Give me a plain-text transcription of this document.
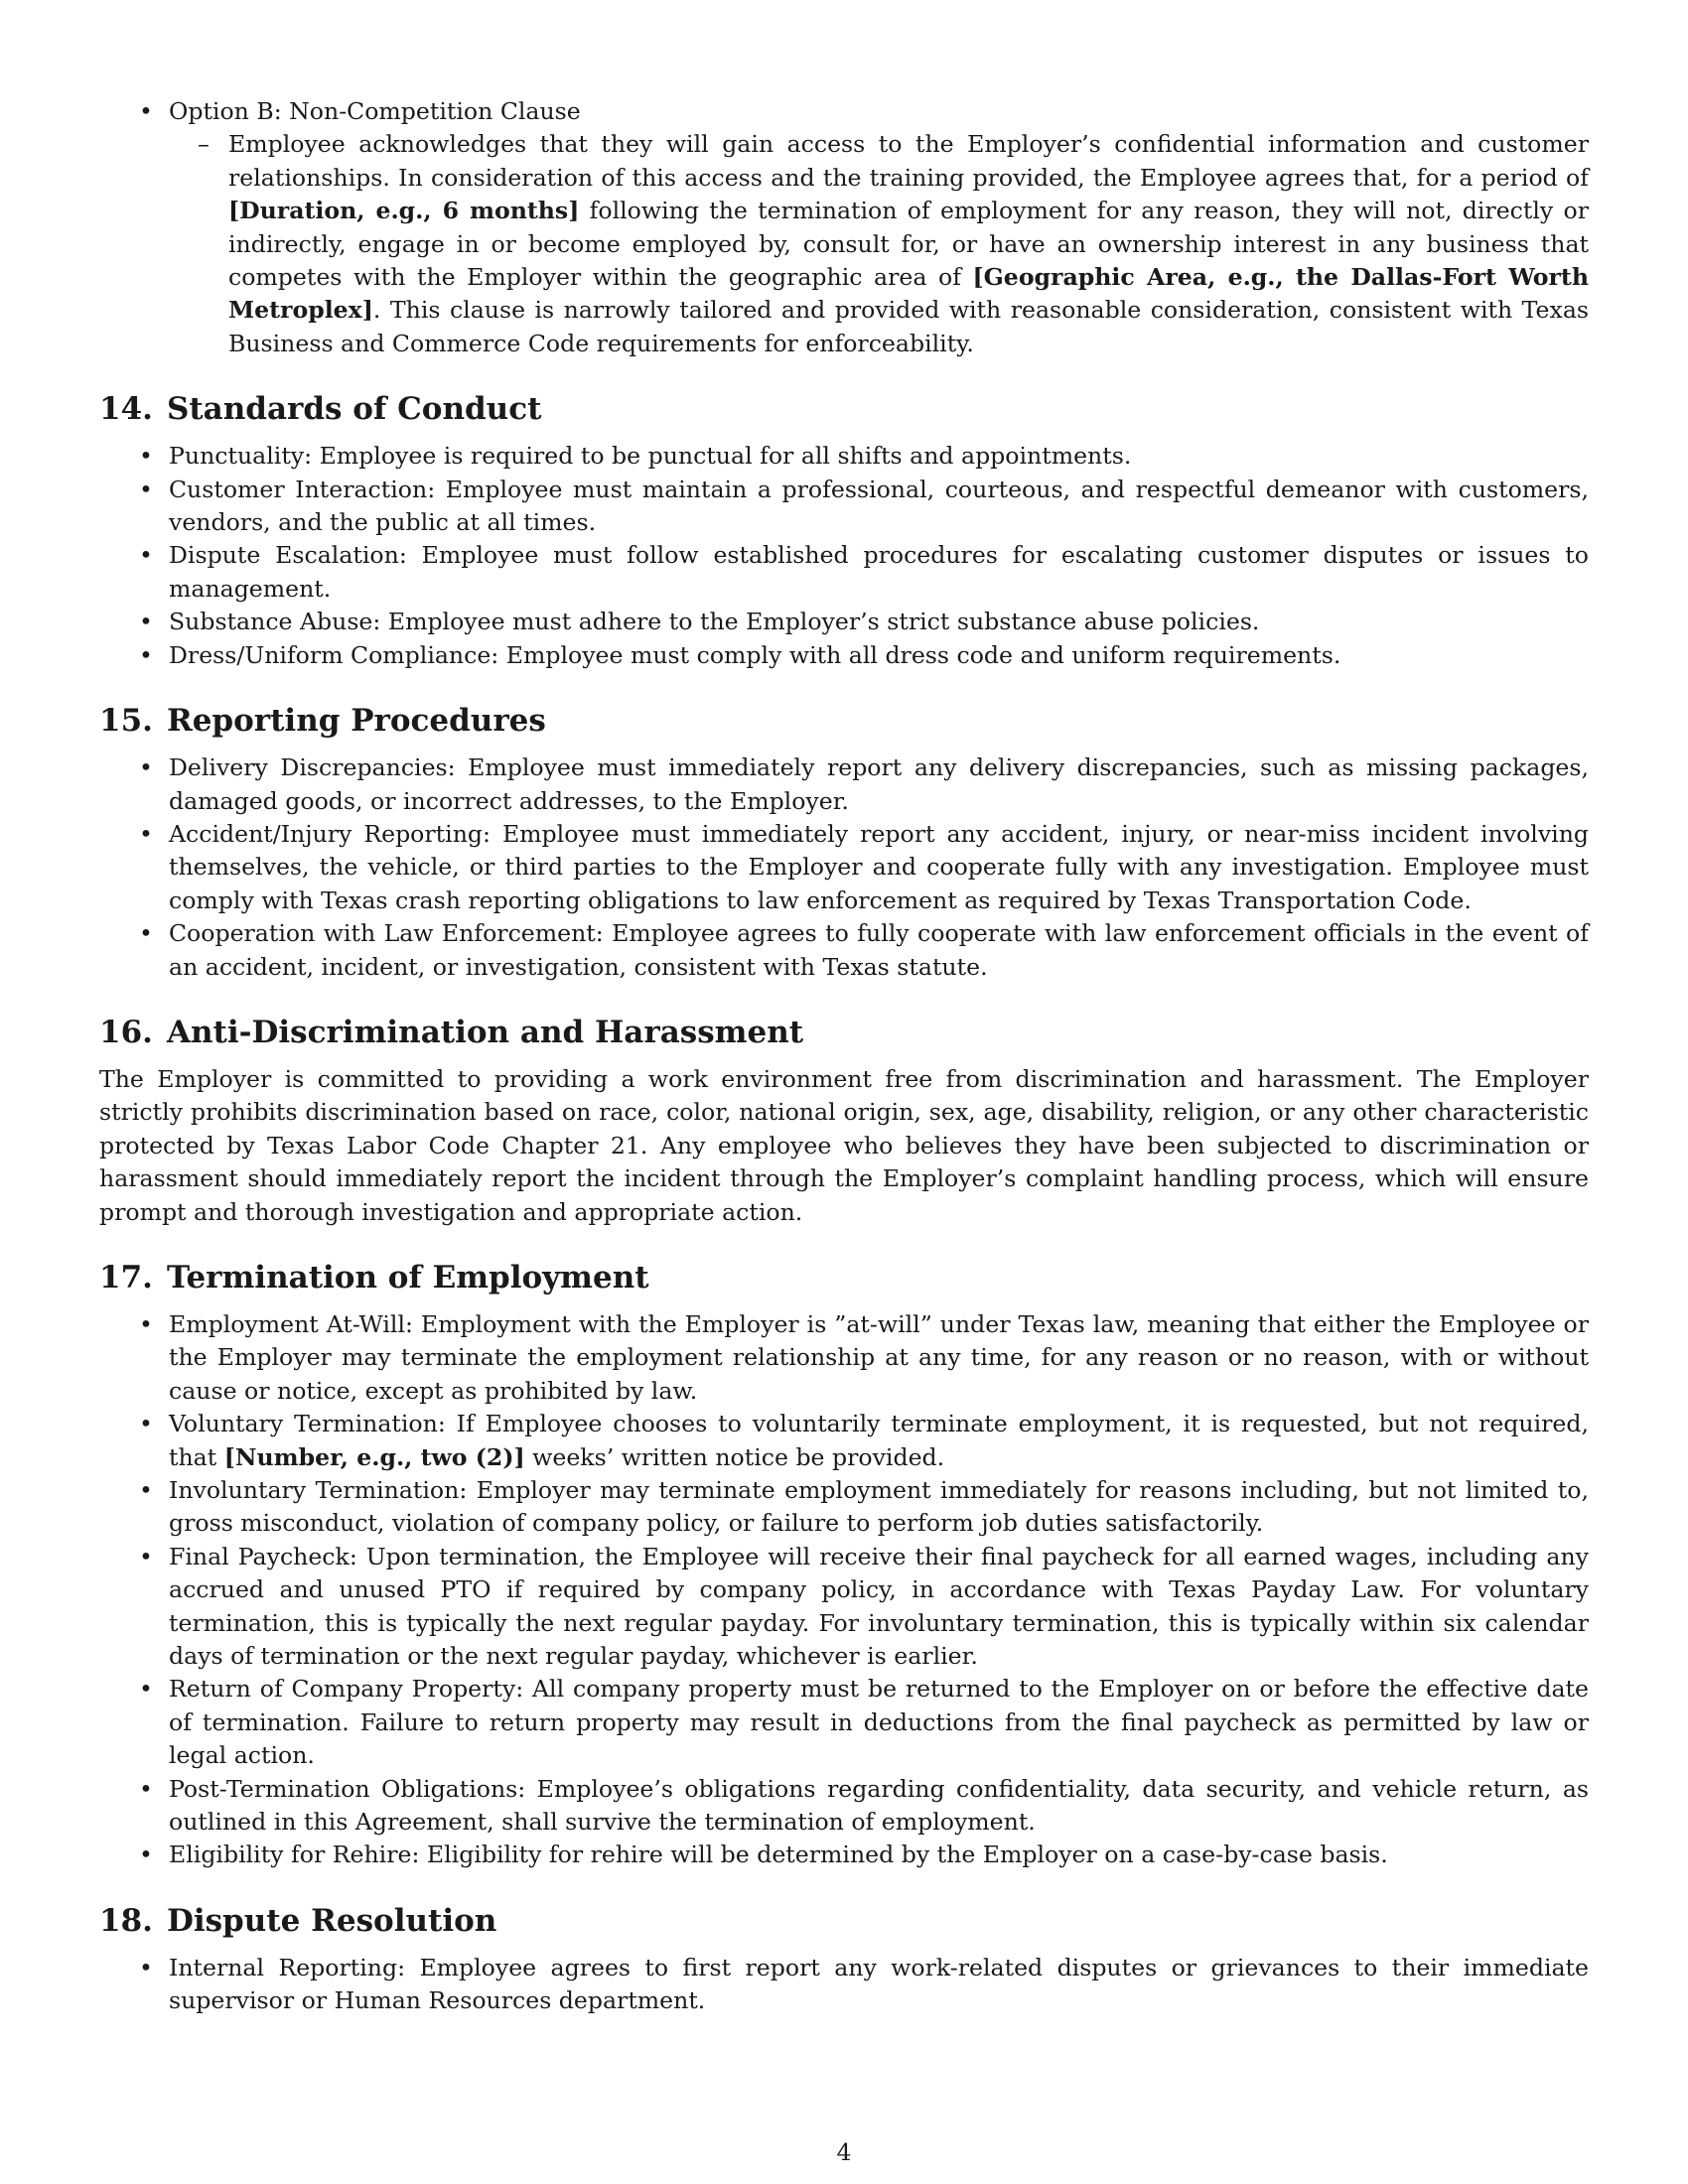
• Option B: Non-Competition Clause
– Employee acknowledges that they will gain access to the Employer’s confidential information and customer relationships. In consideration of this access and the training provided, the Employee agrees that, for a period of [Duration, e.g., 6 months] following the termination of employment for any reason, they will not, directly or indirectly, engage in or become employed by, consult for, or have an ownership interest in any business that competes with the Employer within the geographic area of [Geographic Area, e.g., the Dallas-Fort Worth Metroplex]. This clause is narrowly tailored and provided with reasonable consideration, consistent with Texas Business and Commerce Code requirements for enforceability.
14. Standards of Conduct
• Punctuality: Employee is required to be punctual for all shifts and appointments.
• Customer Interaction: Employee must maintain a professional, courteous, and respectful demeanor with customers, vendors, and the public at all times.
• Dispute Escalation: Employee must follow established procedures for escalating customer disputes or issues to management.
• Substance Abuse: Employee must adhere to the Employer’s strict substance abuse policies.
• Dress/Uniform Compliance: Employee must comply with all dress code and uniform requirements.
15. Reporting Procedures
• Delivery Discrepancies: Employee must immediately report any delivery discrepancies, such as missing packages, damaged goods, or incorrect addresses, to the Employer.
• Accident/Injury Reporting: Employee must immediately report any accident, injury, or near-miss incident involving themselves, the vehicle, or third parties to the Employer and cooperate fully with any investigation. Employee must comply with Texas crash reporting obligations to law enforcement as required by Texas Transportation Code.
• Cooperation with Law Enforcement: Employee agrees to fully cooperate with law enforcement officials in the event of an accident, incident, or investigation, consistent with Texas statute.
16. Anti-Discrimination and Harassment

The Employer is committed to providing a work environment free from discrimination and harassment. The Employer strictly prohibits discrimination based on race, color, national origin, sex, age, disability, religion, or any other characteristic protected by Texas Labor Code Chapter 21. Any employee who believes they have been subjected to discrimination or harassment should immediately report the incident through the Employer’s complaint handling process, which will ensure prompt and thorough investigation and appropriate action.

17. Termination of Employment
• Employment At-Will: Employment with the Employer is ”at-will” under Texas law, meaning that either the Employee or the Employer may terminate the employment relationship at any time, for any reason or no reason, with or without cause or notice, except as prohibited by law.
• Voluntary Termination: If Employee chooses to voluntarily terminate employment, it is requested, but not required, that [Number, e.g., two (2)] weeks’ written notice be provided.
• Involuntary Termination: Employer may terminate employment immediately for reasons including, but not limited to, gross misconduct, violation of company policy, or failure to perform job duties satisfactorily.
• Final Paycheck: Upon termination, the Employee will receive their final paycheck for all earned wages, including any accrued and unused PTO if required by company policy, in accordance with Texas Payday Law. For voluntary termination, this is typically the next regular payday. For involuntary termination, this is typically within six calendar days of termination or the next regular payday, whichever is earlier.
• Return of Company Property: All company property must be returned to the Employer on or before the effective date of termination. Failure to return property may result in deductions from the final paycheck as permitted by law or legal action.
• Post-Termination Obligations: Employee’s obligations regarding confidentiality, data security, and vehicle return, as outlined in this Agreement, shall survive the termination of employment.
• Eligibility for Rehire: Eligibility for rehire will be determined by the Employer on a case-by-case basis.
18. Dispute Resolution
• Internal Reporting: Employee agrees to first report any work-related disputes or grievances to their immediate supervisor or Human Resources department.
4
